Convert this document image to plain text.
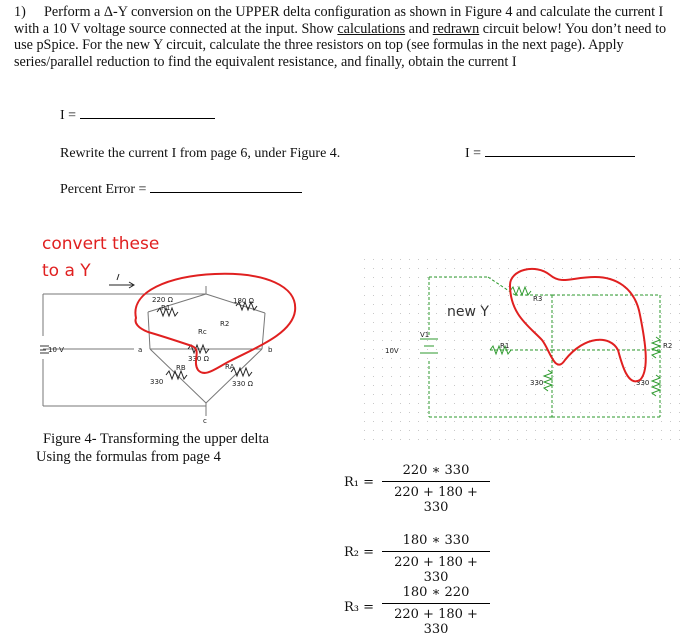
1) Perform a Δ-Y conversion on the UPPER delta configuration as shown in Figure 4 and calculate the current I with a 10 V voltage source connected at the input. Show calculations and redrawn circuit below! You don’t need to use pSpice. For the new Y circuit, calculate the three resistors on top (see formulas in the next page). Apply series/parallel reduction to find the equivalent resistance, and finally, obtain the current I
I =
Rewrite the current I from page 6, under Figure 4.	I =
Percent Error =
convert these
to a Y
10 V
220 Ω
R1
180 Ω
R2
Rc
330 Ω
RB
330
RA
330 Ω
a	b
c
Figure 4- Transforming the upper delta
Using the formulas from page 4
R3
V1
10V
R1	R2
330	330
new Y
$R_1 = \frac{220 ∗ 330}{220 + 180 + 330}$
$R_2 = \frac{180 ∗ 330}{220 + 180 + 330}$
$R_3 = \frac{180 ∗ 220}{220 + 180 + 330}$
